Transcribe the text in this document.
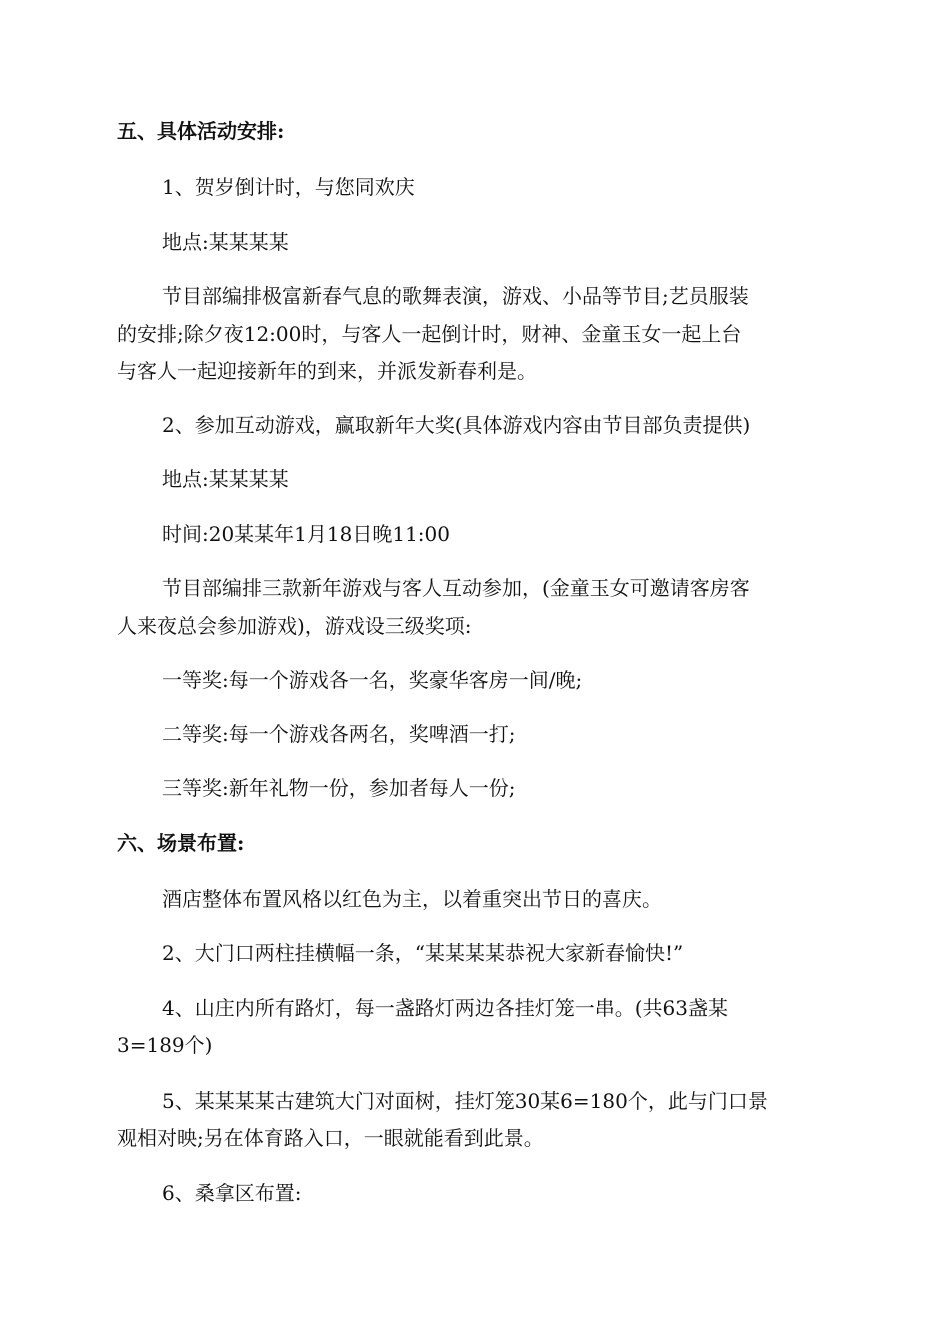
五、具体活动安排:
1、贺岁倒计时，与您同欢庆
地点:某某某某
节目部编排极富新春气息的歌舞表演，游戏、小品等节目;艺员服装
的安排;除夕夜12:00时，与客人一起倒计时，财神、金童玉女一起上台
与客人一起迎接新年的到来，并派发新春利是。
2、参加互动游戏，赢取新年大奖(具体游戏内容由节目部负责提供)
地点:某某某某
时间:20某某年1月18日晚11:00
节目部编排三款新年游戏与客人互动参加，(金童玉女可邀请客房客
人来夜总会参加游戏)，游戏设三级奖项:
一等奖:每一个游戏各一名，奖豪华客房一间/晚;
二等奖:每一个游戏各两名，奖啤酒一打;
三等奖:新年礼物一份，参加者每人一份;
六、场景布置:
酒店整体布置风格以红色为主，以着重突出节日的喜庆。
2、大门口两柱挂横幅一条，“某某某某恭祝大家新春愉快!”
4、山庄内所有路灯，每一盏路灯两边各挂灯笼一串。(共63盏某
3=189个)
5、某某某某古建筑大门对面树，挂灯笼30某6=180个，此与门口景
观相对映;另在体育路入口，一眼就能看到此景。
6、桑拿区布置:
